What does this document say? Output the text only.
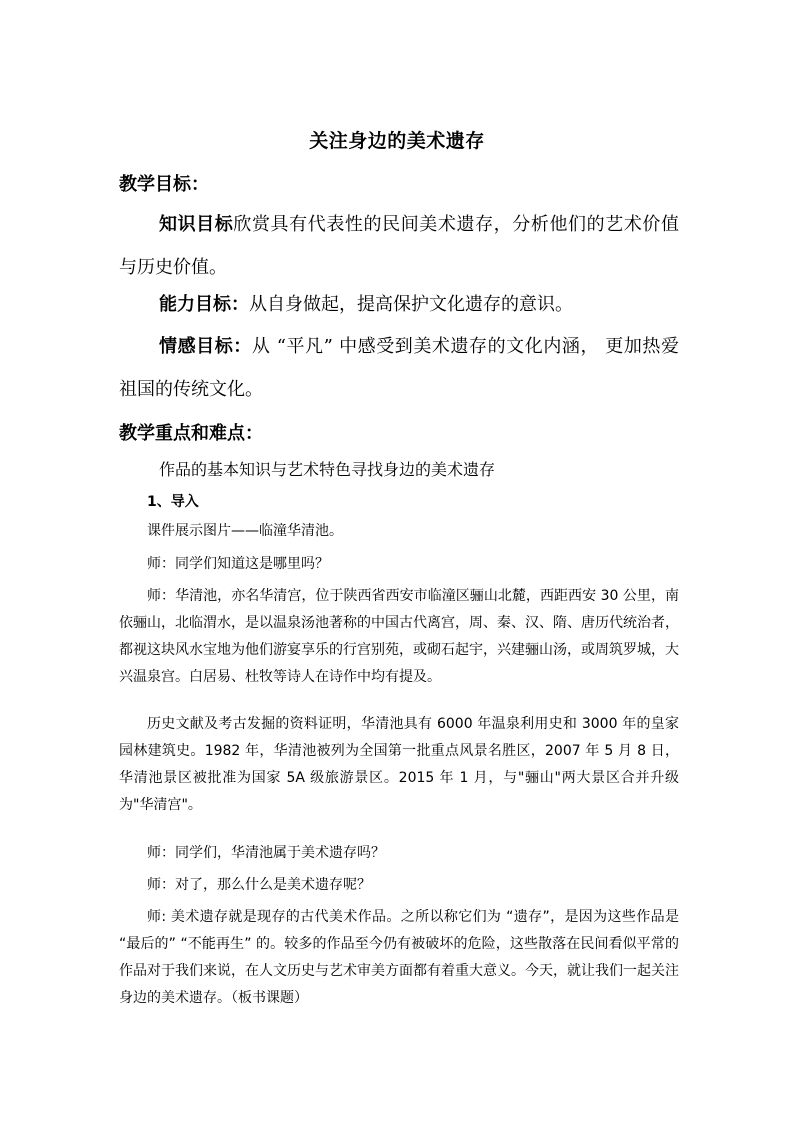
关注身边的美术遗存
教学目标：
知识目标欣赏具有代表性的民间美术遗存，分析他们的艺术价值与历史价值。
能力目标：从自身做起，提高保护文化遗存的意识。
情感目标：从 “平凡” 中感受到美术遗存的文化内涵， 更加热爱祖国的传统文化。
教学重点和难点：
作品的基本知识与艺术特色寻找身边的美术遗存
1、导入
课件展示图片——临潼华清池。
师：同学们知道这是哪里吗？
师：华清池，亦名华清宫，位于陕西省西安市临潼区骊山北麓，西距西安 30 公里，南依骊山，北临渭水，是以温泉汤池著称的中国古代离宫，周、秦、汉、隋、唐历代统治者，都视这块风水宝地为他们游宴享乐的行宫别苑，或砌石起宇，兴建骊山汤，或周筑罗城，大兴温泉宫。白居易、杜牧等诗人在诗作中均有提及。
历史文献及考古发掘的资料证明，华清池具有 6000 年温泉利用史和 3000 年的皇家园林建筑史。1982 年，华清池被列为全国第一批重点风景名胜区，2007 年 5 月 8 日，华清池景区被批准为国家 5A 级旅游景区。2015 年 1 月，与"骊山"两大景区合并升级为"华清宫"。
师：同学们，华清池属于美术遗存吗？
师：对了，那么什么是美术遗存呢？
师: 美术遗存就是现存的古代美术作品。之所以称它们为 “遗存”，是因为这些作品是 “最后的” “不能再生” 的。较多的作品至今仍有被破坏的危险，这些散落在民间看似平常的作品对于我们来说，在人文历史与艺术审美方面都有着重大意义。今天，就让我们一起关注身边的美术遗存。（板书课题）
